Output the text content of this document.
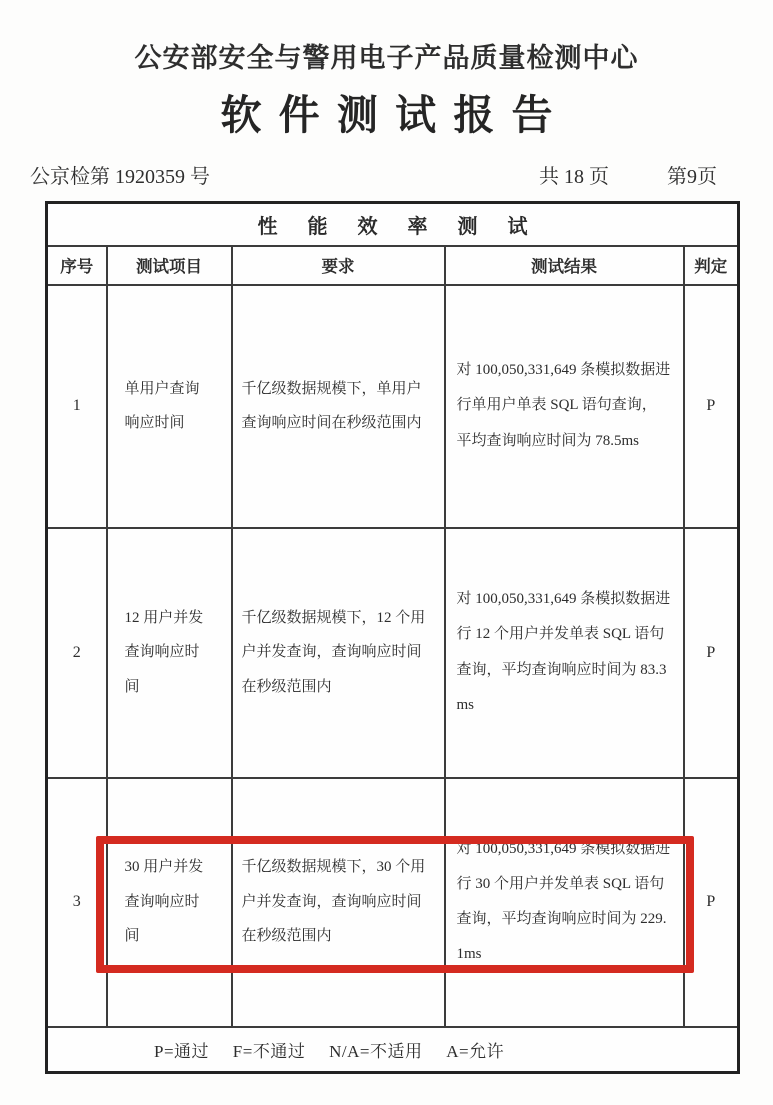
公安部安全与警用电子产品质量检测中心
软件测试报告
公京检第 1920359 号	共 18 页	第9页
性能效率测试				
序号	测试项目	要求	测试结果	判定
1	单用户查询响应时间	千亿级数据规模下，单用户查询响应时间在秒级范围内	对 100,050,331,649 条模拟数据进行单用户单表 SQL 语句查询，平均查询响应时间为 78.5ms	P
2	12 用户并发查询响应时间	千亿级数据规模下，12 个用户并发查询，查询响应时间在秒级范围内	对 100,050,331,649 条模拟数据进行 12 个用户并发单表 SQL 语句查询，平均查询响应时间为 83.3ms	P
3	30 用户并发查询响应时间	千亿级数据规模下，30 个用户并发查询，查询响应时间在秒级范围内	对 100,050,331,649 条模拟数据进行 30 个用户并发单表 SQL 语句查询，平均查询响应时间为 229.1ms	P
P=通过 F=不通过 N/A=不适用 A=允许				
